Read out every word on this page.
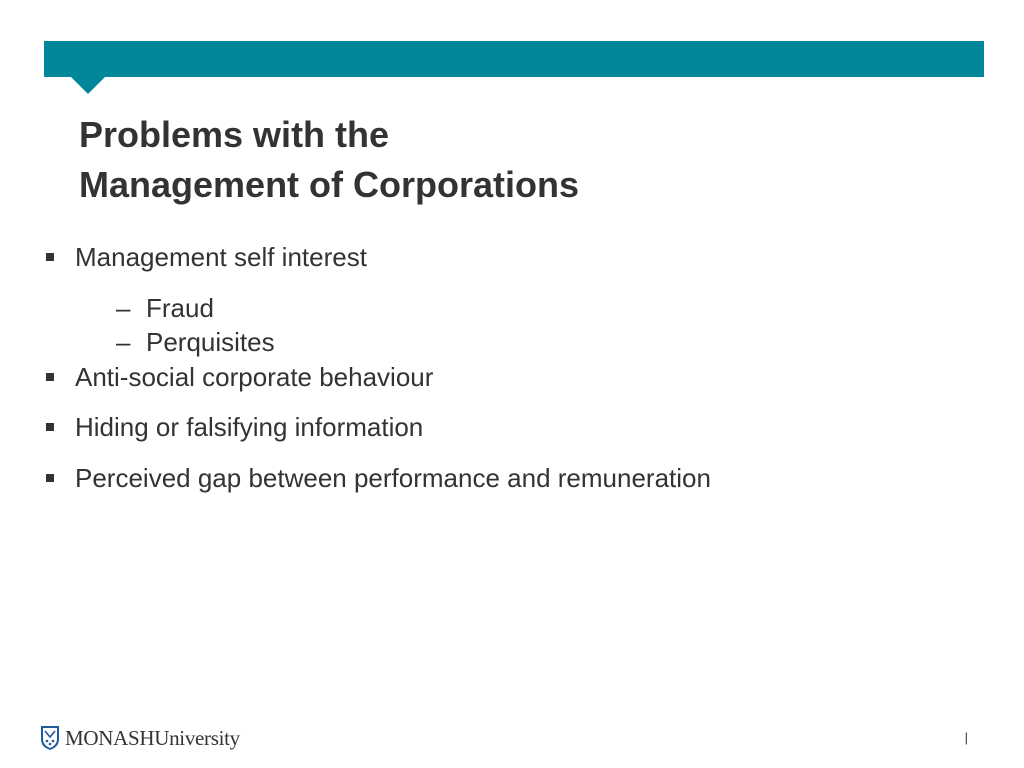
Problems with the
Management of Corporations
Management self interest
– Fraud
– Perquisites
Anti-social corporate behaviour
Hiding or falsifying information
Perceived gap between performance and remuneration
MONASHUniversity	|
